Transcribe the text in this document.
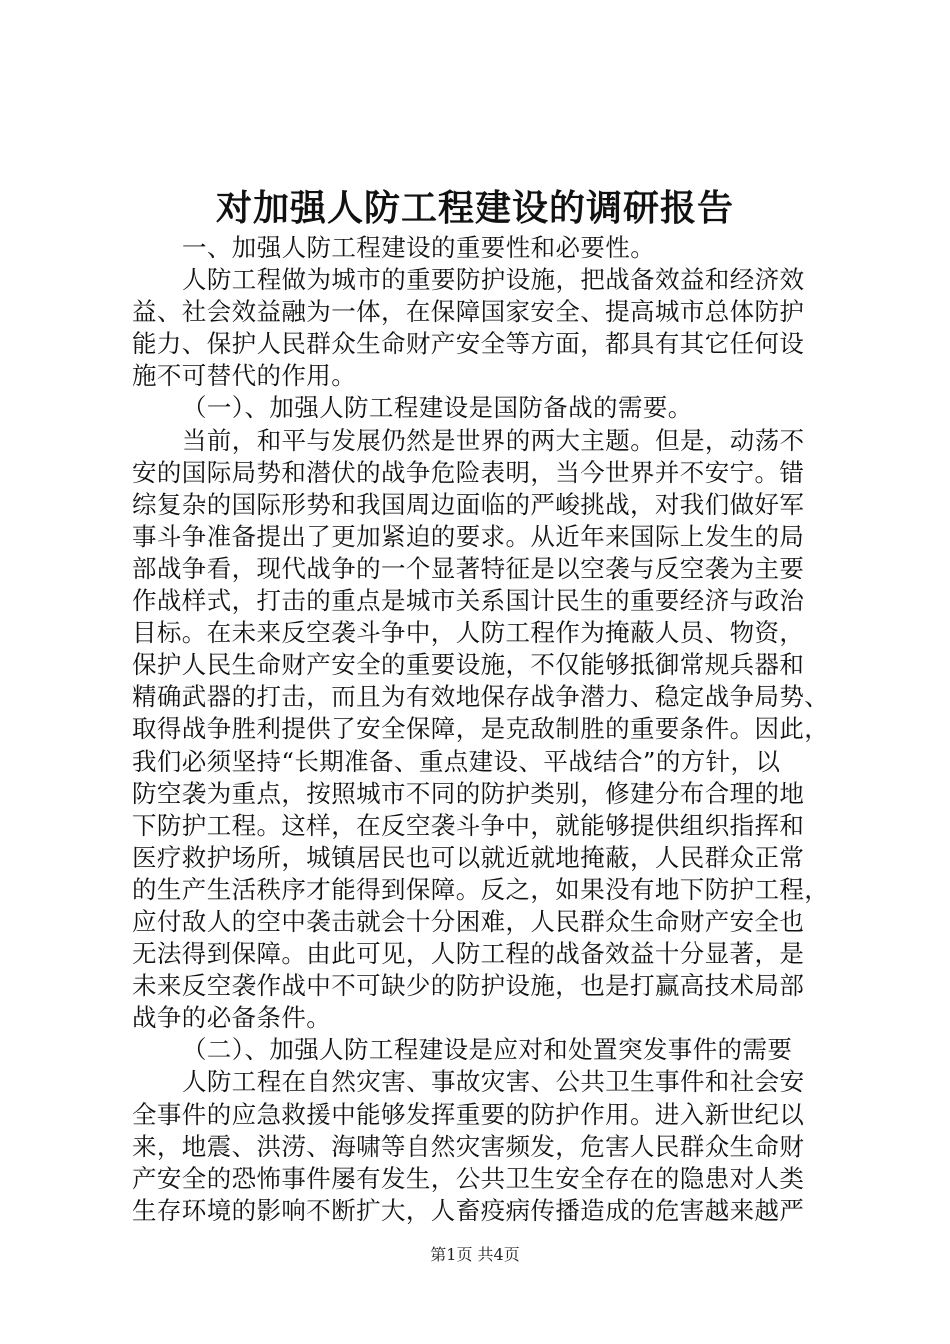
对加强人防工程建设的调研报告
一、加强人防工程建设的重要性和必要性。
人防工程做为城市的重要防护设施，把战备效益和经济效
益、社会效益融为一体，在保障国家安全、提高城市总体防护
能力、保护人民群众生命财产安全等方面，都具有其它任何设
施不可替代的作用。
（一）、加强人防工程建设是国防备战的需要。
当前，和平与发展仍然是世界的两大主题。但是，动荡不
安的国际局势和潜伏的战争危险表明，当今世界并不安宁。错
综复杂的国际形势和我国周边面临的严峻挑战，对我们做好军
事斗争准备提出了更加紧迫的要求。从近年来国际上发生的局
部战争看，现代战争的一个显著特征是以空袭与反空袭为主要
作战样式，打击的重点是城市关系国计民生的重要经济与政治
目标。在未来反空袭斗争中，人防工程作为掩蔽人员、物资，
保护人民生命财产安全的重要设施，不仅能够抵御常规兵器和
精确武器的打击，而且为有效地保存战争潜力、稳定战争局势、
取得战争胜利提供了安全保障，是克敌制胜的重要条件。因此，
我们必须坚持“长期准备、重点建设、平战结合”的方针，以
防空袭为重点，按照城市不同的防护类别，修建分布合理的地
下防护工程。这样，在反空袭斗争中，就能够提供组织指挥和
医疗救护场所，城镇居民也可以就近就地掩蔽，人民群众正常
的生产生活秩序才能得到保障。反之，如果没有地下防护工程，
应付敌人的空中袭击就会十分困难，人民群众生命财产安全也
无法得到保障。由此可见，人防工程的战备效益十分显著，是
未来反空袭作战中不可缺少的防护设施，也是打赢高技术局部
战争的必备条件。
（二）、加强人防工程建设是应对和处置突发事件的需要
人防工程在自然灾害、事故灾害、公共卫生事件和社会安
全事件的应急救援中能够发挥重要的防护作用。进入新世纪以
来，地震、洪涝、海啸等自然灾害频发，危害人民群众生命财
产安全的恐怖事件屡有发生，公共卫生安全存在的隐患对人类
生存环境的影响不断扩大，人畜疫病传播造成的危害越来越严
第1页 共4页
